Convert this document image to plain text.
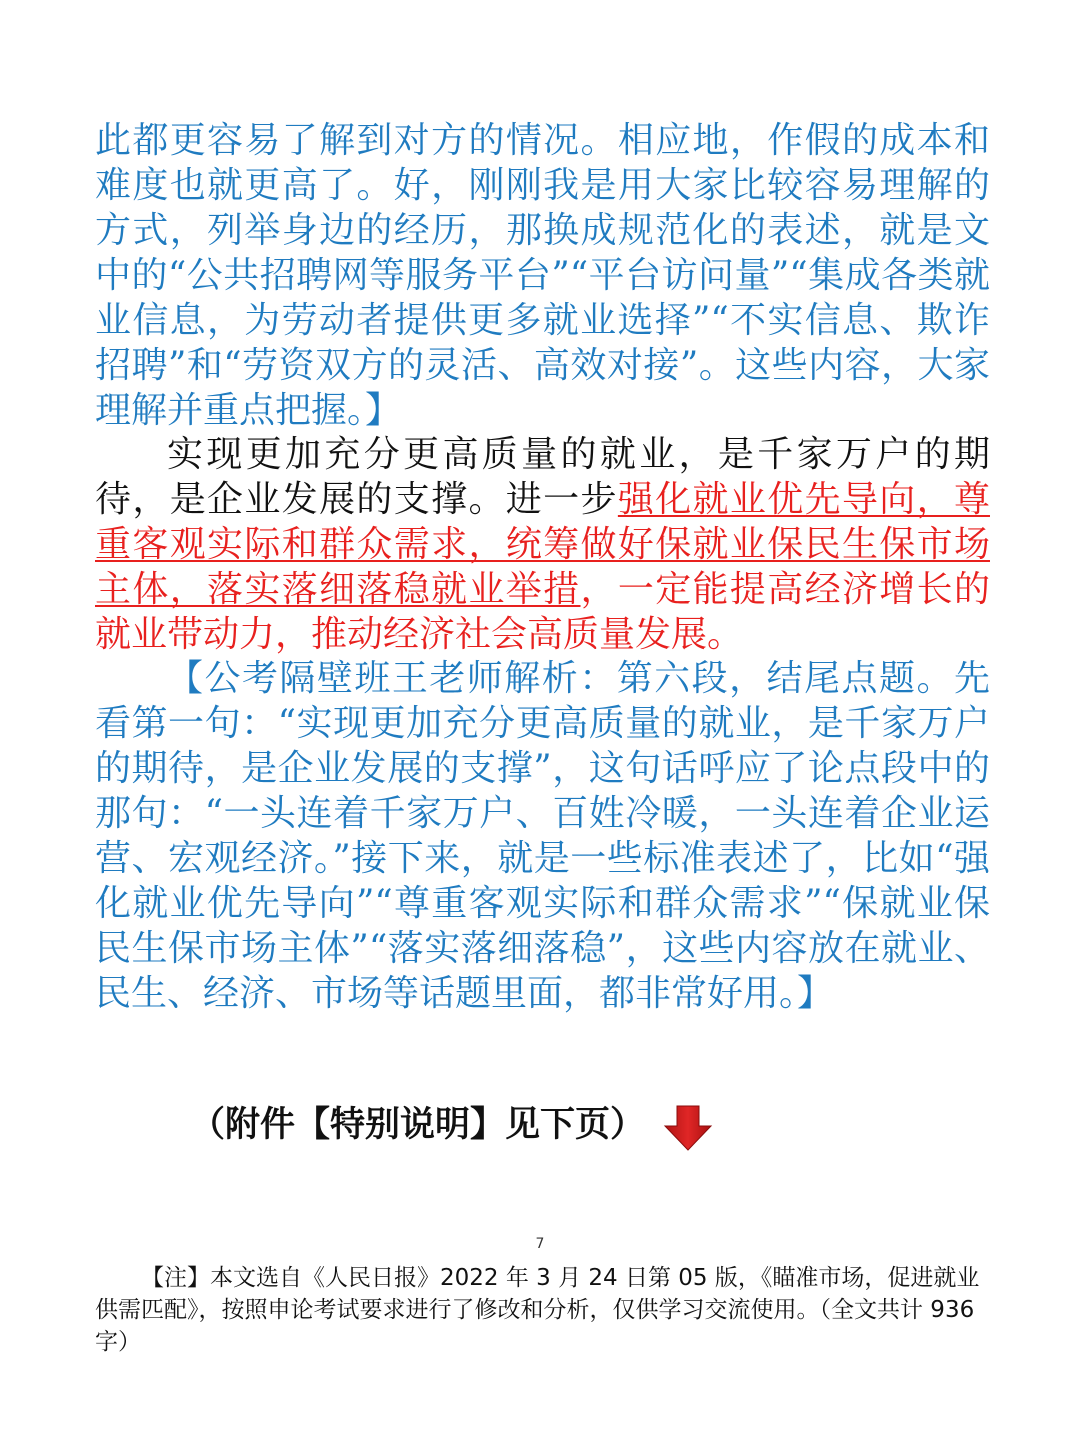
此都更容易了解到对方的情况。相应地，作假的成本和难度也就更高了。好，刚刚我是用大家比较容易理解的方式，列举身边的经历，那换成规范化的表述，就是文中的“公共招聘网等服务平台”“平台访问量”“集成各类就业信息，为劳动者提供更多就业选择”“不实信息、欺诈招聘”和“劳资双方的灵活、高效对接”。这些内容，大家理解并重点把握。】

实现更加充分更高质量的就业，是千家万户的期待，是企业发展的支撑。进一步强化就业优先导向，尊重客观实际和群众需求，统筹做好保就业保民生保市场主体，落实落细落稳就业举措，一定能提高经济增长的就业带动力，推动经济社会高质量发展。

【公考隔壁班王老师解析：第六段，结尾点题。先看第一句：“实现更加充分更高质量的就业，是千家万户的期待，是企业发展的支撑”，这句话呼应了论点段中的那句：“一头连着千家万户、百姓冷暖，一头连着企业运营、宏观经济。”接下来，就是一些标准表述了，比如“强化就业优先导向”“尊重客观实际和群众需求”“保就业保民生保市场主体”“落实落细落稳”，这些内容放在就业、民生、经济、市场等话题里面，都非常好用。】

（附件【特别说明】见下页）
7

【注】本文选自《人民日报》2022 年 3 月 24 日第 05 版，《瞄准市场，促进就业供需匹配》，按照申论考试要求进行了修改和分析，仅供学习交流使用。（全文共计 936 字）
